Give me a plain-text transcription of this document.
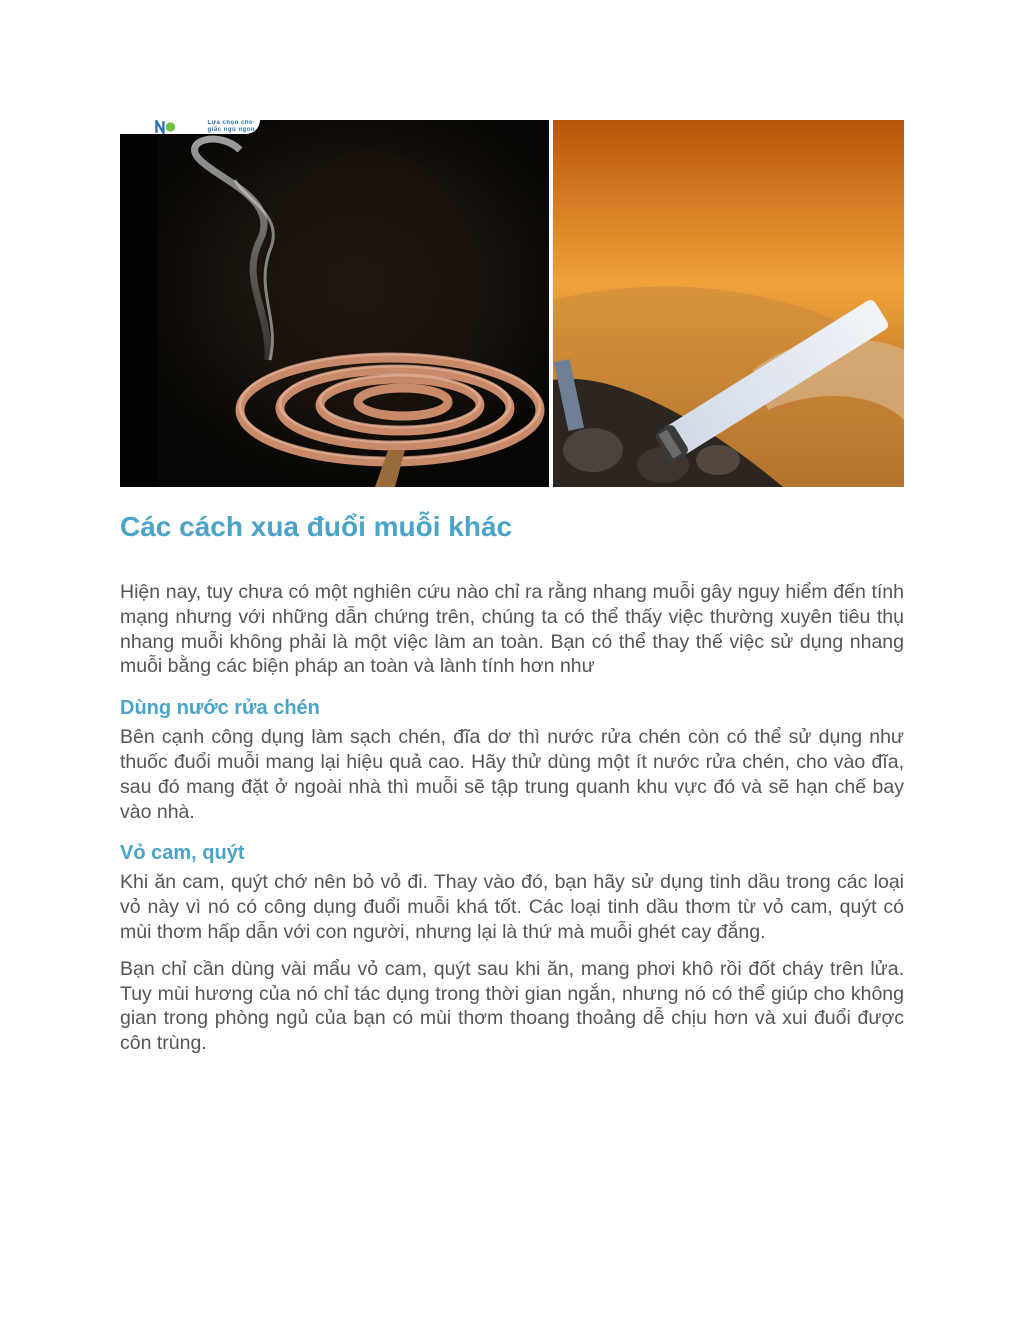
Lựa chọn cho giấc ngủ ngon
Các cách xua đuổi muỗi khác

Hiện nay, tuy chưa có một nghiên cứu nào chỉ ra rằng nhang muỗi gây nguy hiểm đến tính mạng nhưng với những dẫn chứng trên, chúng ta có thể thấy việc thường xuyên tiêu thụ nhang muỗi không phải là một việc làm an toàn. Bạn có thể thay thế việc sử dụng nhang muỗi bằng các biện pháp an toàn và lành tính hơn như

Dùng nước rửa chén

Bên cạnh công dụng làm sạch chén, đĩa dơ thì nước rửa chén còn có thể sử dụng như thuốc đuổi muỗi mang lại hiệu quả cao. Hãy thử dùng một ít nước rửa chén, cho vào đĩa, sau đó mang đặt ở ngoài nhà thì muỗi sẽ tập trung quanh khu vực đó và sẽ hạn chế bay vào nhà.

Vỏ cam, quýt

Khi ăn cam, quýt chớ nên bỏ vỏ đi. Thay vào đó, bạn hãy sử dụng tinh dầu trong các loại vỏ này vì nó có công dụng đuổi muỗi khá tốt. Các loại tinh dầu thơm từ vỏ cam, quýt có mùi thơm hấp dẫn với con người, nhưng lại là thứ mà muỗi ghét cay đắng.

Bạn chỉ cần dùng vài mẩu vỏ cam, quýt sau khi ăn, mang phơi khô rồi đốt cháy trên lửa. Tuy mùi hương của nó chỉ tác dụng trong thời gian ngắn, nhưng nó có thể giúp cho không gian trong phòng ngủ của bạn có mùi thơm thoang thoảng dễ chịu hơn và xui đuổi được côn trùng.
